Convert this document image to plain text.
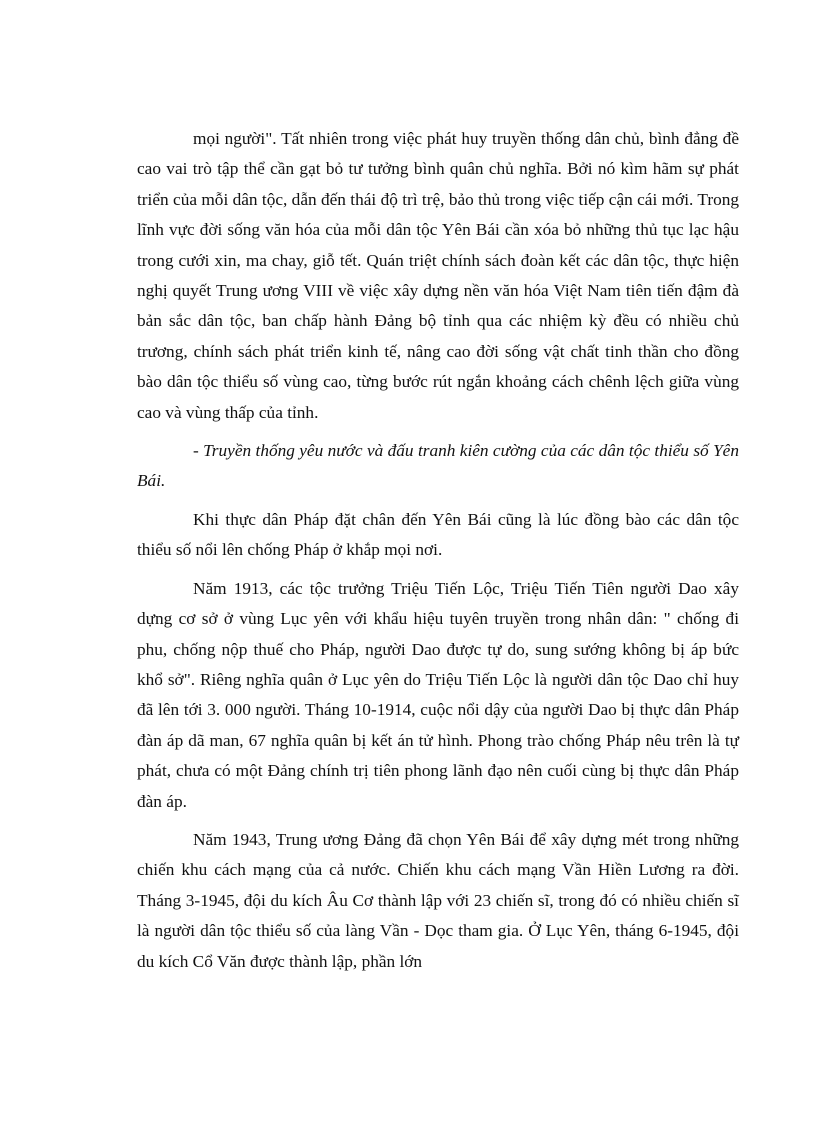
mọi người". Tất nhiên trong việc phát huy truyền thống dân chủ, bình đẳng đề cao vai trò tập thể cần gạt bỏ tư tưởng bình quân chủ nghĩa. Bởi nó kìm hãm sự phát triển của mỗi dân tộc, dẫn đến thái độ trì trệ, bảo thủ trong việc tiếp cận cái mới. Trong lĩnh vực đời sống văn hóa của mỗi dân tộc Yên Bái cần xóa bỏ những thủ tục lạc hậu trong cưới xin, ma chay, giỗ tết. Quán triệt chính sách đoàn kết các dân tộc, thực hiện nghị quyết Trung ương VIII về việc xây dựng nền văn hóa Việt Nam tiên tiến đậm đà bản sắc dân tộc, ban chấp hành Đảng bộ tỉnh qua các nhiệm kỳ đều có nhiều chủ trương, chính sách phát triển kinh tế, nâng cao đời sống vật chất tinh thần cho đồng bào dân tộc thiểu số vùng cao, từng bước rút ngắn khoảng cách chênh lệch giữa vùng cao và vùng thấp của tỉnh.

- Truyền thống yêu nước và đấu tranh kiên cường của các dân tộc thiểu số Yên Bái.

Khi thực dân Pháp đặt chân đến Yên Bái cũng là lúc đồng bào các dân tộc thiểu số nổi lên chống Pháp ở khắp mọi nơi.

Năm 1913, các tộc trưởng Triệu Tiến Lộc, Triệu Tiến Tiên người Dao xây dựng cơ sở ở vùng Lục yên với khẩu hiệu tuyên truyền trong nhân dân: " chống đi phu, chống nộp thuế cho Pháp, người Dao được tự do, sung sướng không bị áp bức khổ sở". Riêng nghĩa quân ở Lục yên do Triệu Tiến Lộc là người dân tộc Dao chỉ huy đã lên tới 3. 000 người. Tháng 10-1914, cuộc nổi dậy của người Dao bị thực dân Pháp đàn áp dã man, 67 nghĩa quân bị kết án tử hình. Phong trào chống Pháp nêu trên là tự phát, chưa có một Đảng chính trị tiên phong lãnh đạo nên cuối cùng bị thực dân Pháp đàn áp.

Năm 1943, Trung ương Đảng đã chọn Yên Bái để xây dựng mét trong những chiến khu cách mạng của cả nước. Chiến khu cách mạng Vần Hiền Lương ra đời. Tháng 3-1945, đội du kích Âu Cơ thành lập với 23 chiến sĩ, trong đó có nhiều chiến sĩ là người dân tộc thiểu số của làng Vần - Dọc tham gia. Ở Lục Yên, tháng 6-1945, đội du kích Cổ Văn được thành lập, phần lớn
